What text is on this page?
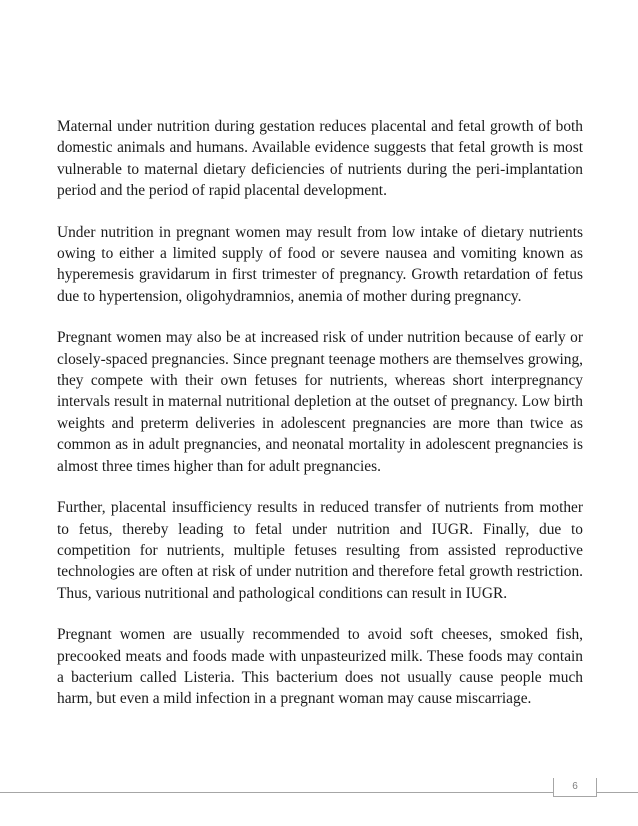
Maternal under nutrition during gestation reduces placental and fetal growth of both domestic animals and humans. Available evidence suggests that fetal growth is most vulnerable to maternal dietary deficiencies of nutrients during the peri-implantation period and the period of rapid placental development.

Under nutrition in pregnant women may result from low intake of dietary nutrients owing to either a limited supply of food or severe nausea and vomiting known as hyperemesis gravidarum in first trimester of pregnancy. Growth retardation of fetus due to hypertension, oligohydramnios, anemia of mother during pregnancy.

Pregnant women may also be at increased risk of under nutrition because of early or closely-spaced pregnancies. Since pregnant teenage mothers are themselves growing, they compete with their own fetuses for nutrients, whereas short interpregnancy intervals result in maternal nutritional depletion at the outset of pregnancy. Low birth weights and preterm deliveries in adolescent pregnancies are more than twice as common as in adult pregnancies, and neonatal mortality in adolescent pregnancies is almost three times higher than for adult pregnancies.

Further, placental insufficiency results in reduced transfer of nutrients from mother to fetus, thereby leading to fetal under nutrition and IUGR. Finally, due to competition for nutrients, multiple fetuses resulting from assisted reproductive technologies are often at risk of under nutrition and therefore fetal growth restriction. Thus, various nutritional and pathological conditions can result in IUGR.

Pregnant women are usually recommended to avoid soft cheeses, smoked fish, precooked meats and foods made with unpasteurized milk. These foods may contain a bacterium called Listeria. This bacterium does not usually cause people much harm, but even a mild infection in a pregnant woman may cause miscarriage.

6
